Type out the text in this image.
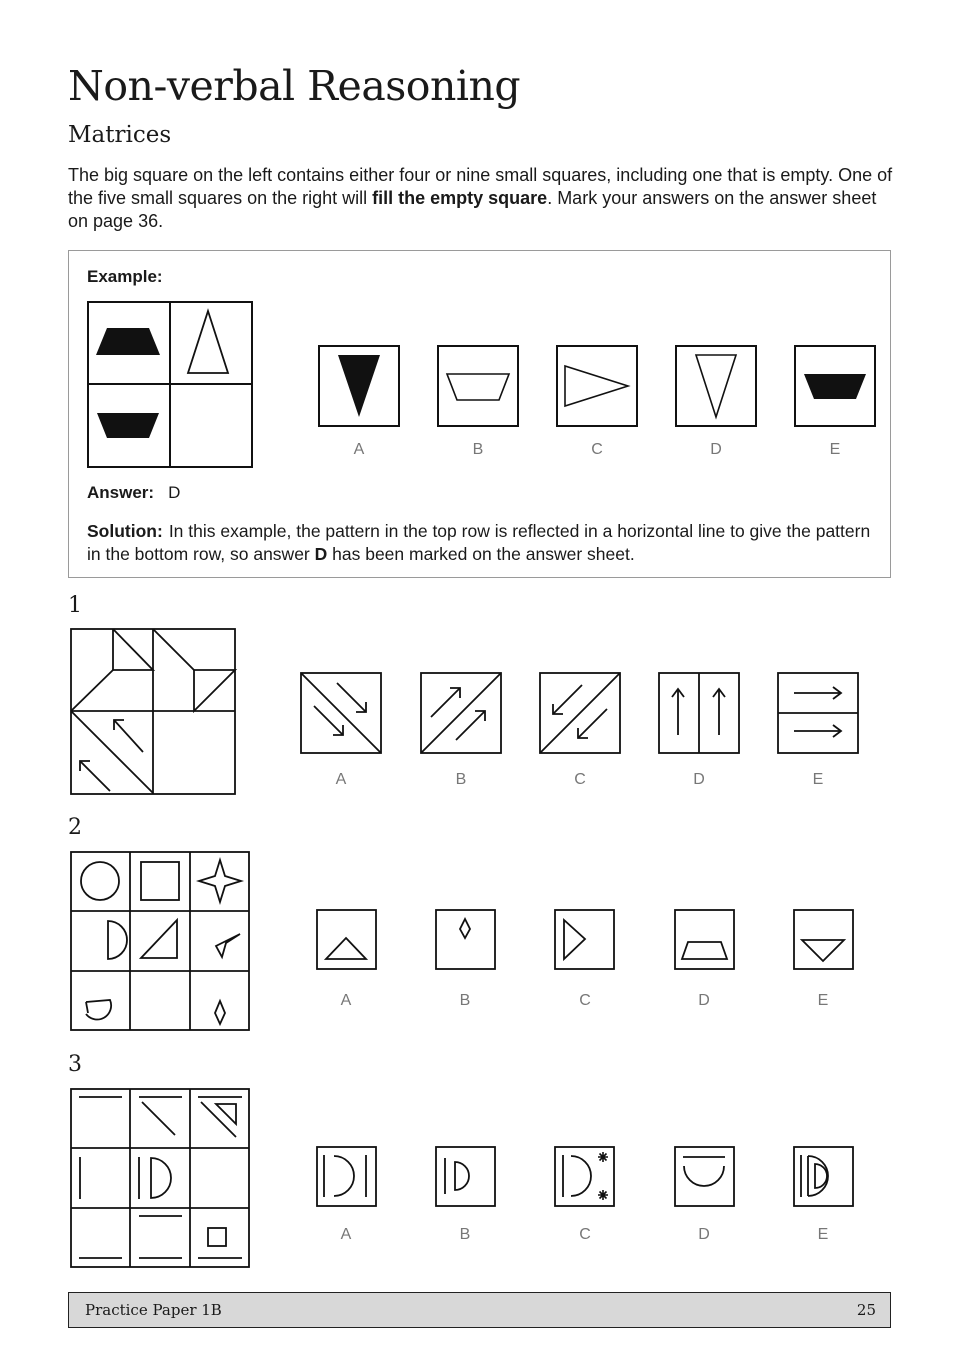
Non-verbal Reasoning
Matrices

The big square on the left contains either four or nine small squares, including one that is empty. One of the five small squares on the right will fill the empty square. Mark your answers on the answer sheet on page 36.

Example:
Answer: D
Solution: In this example, the pattern in the top row is reflected in a horizontal line to give the pattern in the bottom row, so answer D has been marked on the answer sheet.
A	B	C	D	E
1
A	B	C	D	E
2
A	B	C	D	E
3
A	B	C	D	E
Practice Paper 1B	25
